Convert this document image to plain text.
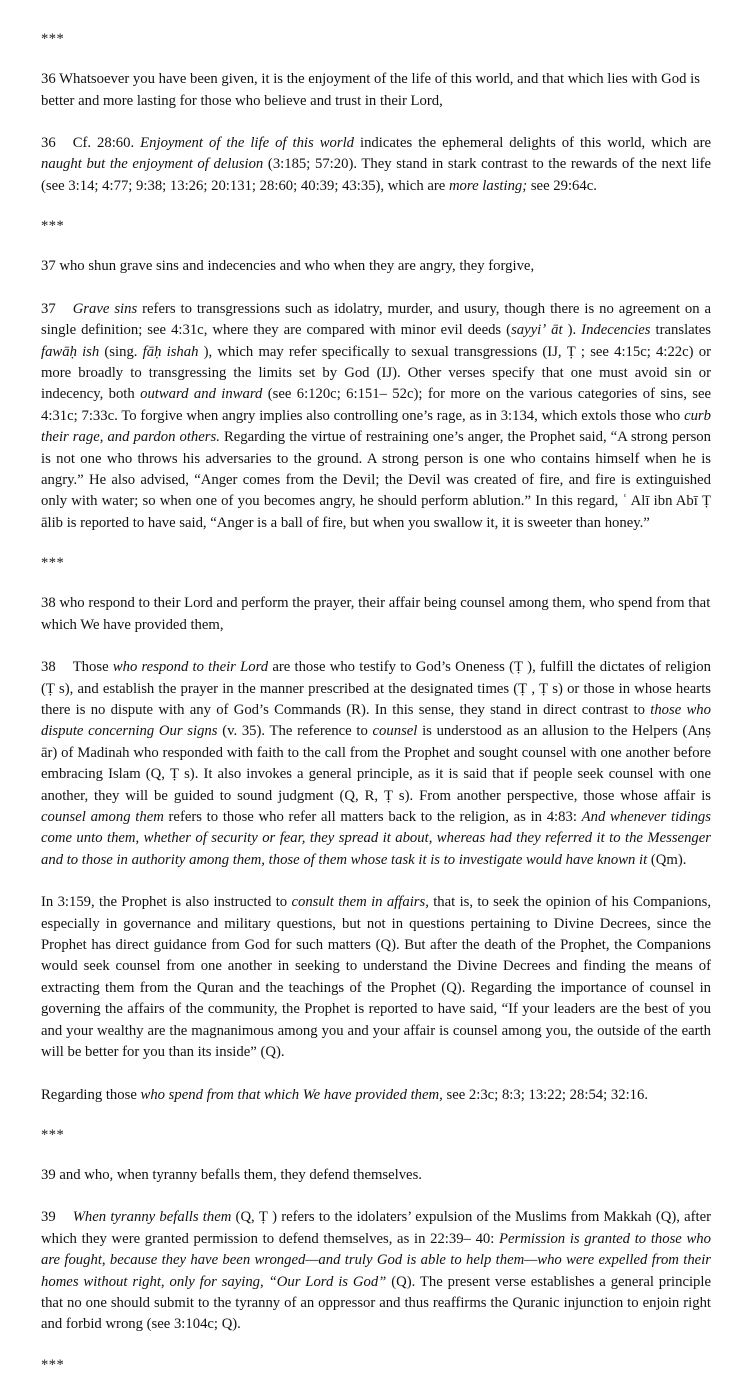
***

36 Whatsoever you have been given, it is the enjoyment of the life of this world, and that which lies with God is better and more lasting for those who believe and trust in their Lord,

36 Cf. 28:60. Enjoyment of the life of this world indicates the ephemeral delights of this world, which are naught but the enjoyment of delusion (3:185; 57:20). They stand in stark contrast to the rewards of the next life (see 3:14; 4:77; 9:38; 13:26; 20:131; 28:60; 40:39; 43:35), which are more lasting; see 29:64c.

***

37 who shun grave sins and indecencies and who when they are angry, they forgive,

37 Grave sins refers to transgressions such as idolatry, murder, and usury, though there is no agreement on a single definition; see 4:31c, where they are compared with minor evil deeds (sayyiʼ āt ). Indecencies translates fawāḥ ish (sing. fāḥ ishah ), which may refer specifically to sexual transgressions (IJ, Ṭ ; see 4:15c; 4:22c) or more broadly to transgressing the limits set by God (IJ). Other verses specify that one must avoid sin or indecency, both outward and inward (see 6:120c; 6:151– 52c); for more on the various categories of sins, see 4:31c; 7:33c. To forgive when angry implies also controlling one’s rage, as in 3:134, which extols those who curb their rage, and pardon others. Regarding the virtue of restraining one’s anger, the Prophet said, “A strong person is not one who throws his adversaries to the ground. A strong person is one who contains himself when he is angry.” He also advised, “Anger comes from the Devil; the Devil was created of fire, and fire is extinguished only with water; so when one of you becomes angry, he should perform ablution.” In this regard, ʿ Alī ibn Abī Ṭ ālib is reported to have said, “Anger is a ball of fire, but when you swallow it, it is sweeter than honey.”

***

38 who respond to their Lord and perform the prayer, their affair being counsel among them, who spend from that which We have provided them,

38 Those who respond to their Lord are those who testify to God’s Oneness (Ṭ ), fulfill the dictates of religion (Ṭ s), and establish the prayer in the manner prescribed at the designated times (Ṭ , Ṭ s) or those in whose hearts there is no dispute with any of God’s Commands (R). In this sense, they stand in direct contrast to those who dispute concerning Our signs (v. 35). The reference to counsel is understood as an allusion to the Helpers (Anṣ ār) of Madinah who responded with faith to the call from the Prophet and sought counsel with one another before embracing Islam (Q, Ṭ s). It also invokes a general principle, as it is said that if people seek counsel with one another, they will be guided to sound judgment (Q, R, Ṭ s). From another perspective, those whose affair is counsel among them refers to those who refer all matters back to the religion, as in 4:83: And whenever tidings come unto them, whether of security or fear, they spread it about, whereas had they referred it to the Messenger and to those in authority among them, those of them whose task it is to investigate would have known it (Qm).

In 3:159, the Prophet is also instructed to consult them in affairs, that is, to seek the opinion of his Companions, especially in governance and military questions, but not in questions pertaining to Divine Decrees, since the Prophet has direct guidance from God for such matters (Q). But after the death of the Prophet, the Companions would seek counsel from one another in seeking to understand the Divine Decrees and finding the means of extracting them from the Quran and the teachings of the Prophet (Q). Regarding the importance of counsel in governing the affairs of the community, the Prophet is reported to have said, “If your leaders are the best of you and your wealthy are the magnanimous among you and your affair is counsel among you, the outside of the earth will be better for you than its inside” (Q).

Regarding those who spend from that which We have provided them, see 2:3c; 8:3; 13:22; 28:54; 32:16.

***

39 and who, when tyranny befalls them, they defend themselves.

39 When tyranny befalls them (Q, Ṭ ) refers to the idolaters’ expulsion of the Muslims from Makkah (Q), after which they were granted permission to defend themselves, as in 22:39– 40: Permission is granted to those who are fought, because they have been wronged—and truly God is able to help them—who were expelled from their homes without right, only for saying, “Our Lord is God” (Q). The present verse establishes a general principle that no one should submit to the tyranny of an oppressor and thus reaffirms the Quranic injunction to enjoin right and forbid wrong (see 3:104c; Q).

***
